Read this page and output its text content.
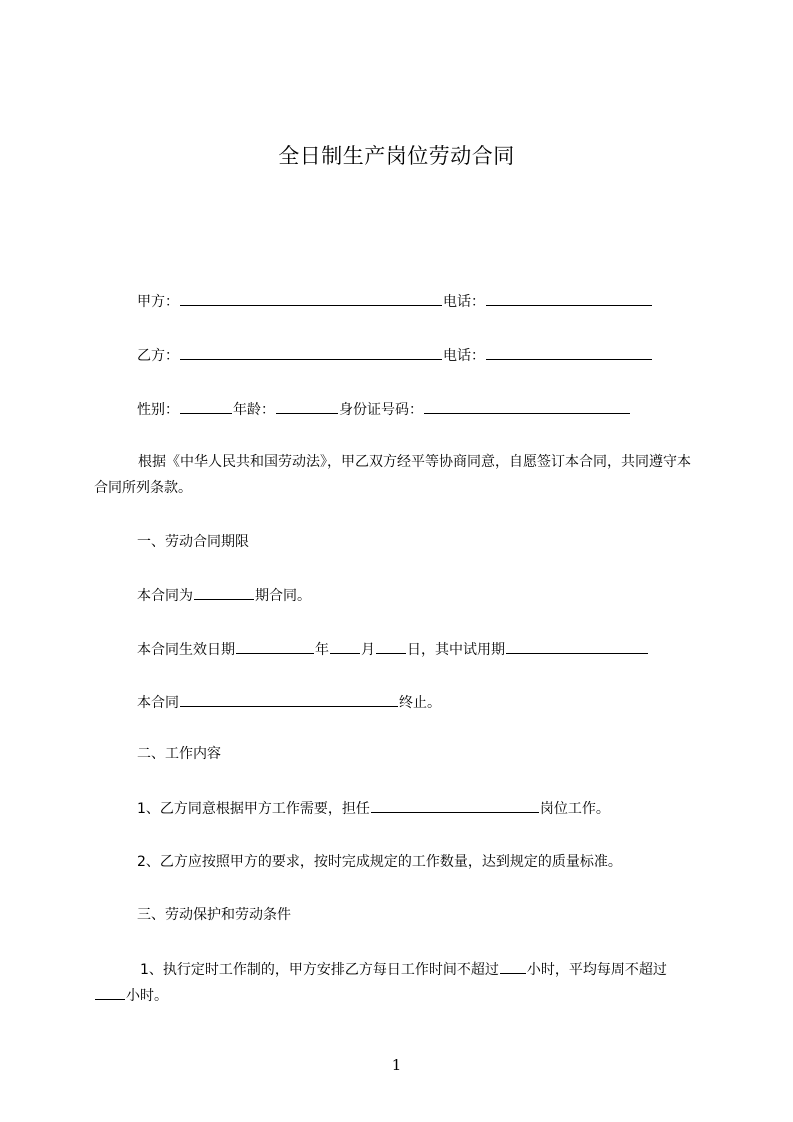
全日制生产岗位劳动合同
甲方：	电话：
乙方：	电话：
性别：	年龄：	身份证号码：
根据《中华人民共和国劳动法》，甲乙双方经平等协商同意，自愿签订本合同，共同遵守本合同所列条款。
一、劳动合同期限
本合同为	期合同。
本合同生效日期	年 月 日，其中试用期
本合同	终止。
二、工作内容
1、乙方同意根据甲方工作需要，担任	岗位工作。
2、乙方应按照甲方的要求，按时完成规定的工作数量，达到规定的质量标准。
三、劳动保护和劳动条件
1、执行定时工作制的，甲方安排乙方每日工作时间不超过 小时，平均每周不超过小时。
1
